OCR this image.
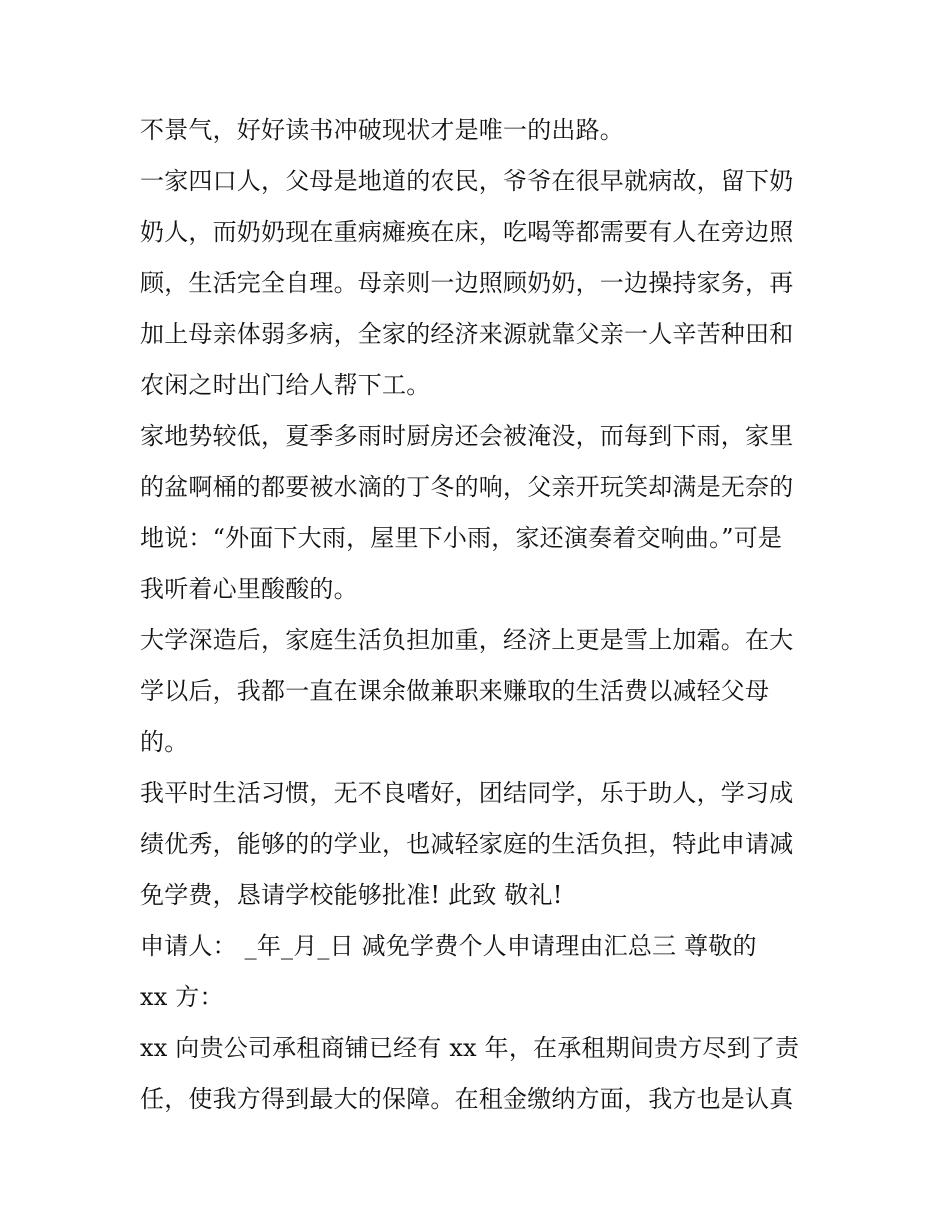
不景气，好好读书冲破现状才是唯一的出路。
一家四口人，父母是地道的农民，爷爷在很早就病故，留下奶
奶人，而奶奶现在重病瘫痪在床，吃喝等都需要有人在旁边照
顾，生活完全自理。母亲则一边照顾奶奶，一边操持家务，再
加上母亲体弱多病，全家的经济来源就靠父亲一人辛苦种田和
农闲之时出门给人帮下工。
家地势较低，夏季多雨时厨房还会被淹没，而每到下雨，家里
的盆啊桶的都要被水滴的丁冬的响，父亲开玩笑却满是无奈的
地说：“外面下大雨，屋里下小雨，家还演奏着交响曲。”可是
我听着心里酸酸的。
大学深造后，家庭生活负担加重，经济上更是雪上加霜。在大
学以后，我都一直在课余做兼职来赚取的生活费以减轻父母
的。
我平时生活习惯，无不良嗜好，团结同学，乐于助人，学习成
绩优秀，能够的的学业，也减轻家庭的生活负担，特此申请减
免学费，恳请学校能够批准! 此致 敬礼!
申请人： _年_月_日 减免学费个人申请理由汇总三 尊敬的
xx 方：
xx 向贵公司承租商铺已经有 xx 年，在承租期间贵方尽到了责
任，使我方得到最大的保障。在租金缴纳方面，我方也是认真
